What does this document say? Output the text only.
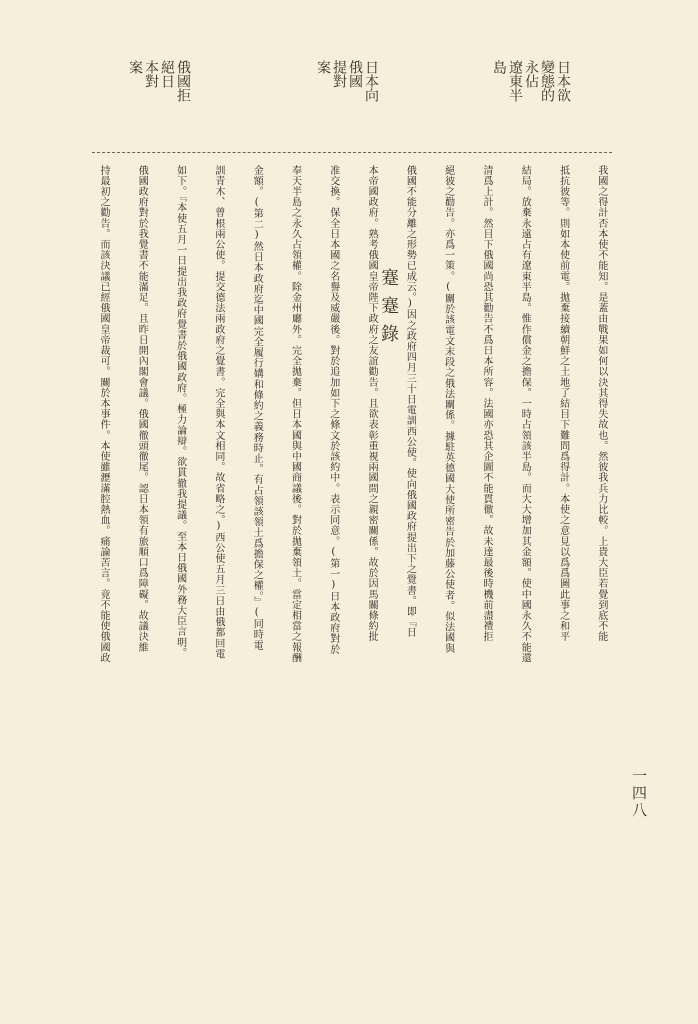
蹇蹇錄
一四八
日本欲
變態的
永佔
遼東半
島
日本向
俄國
提對
案
俄國拒
絕日
本對
案
我國之得計否本使不能知。是蓋由戰果如何以決其得失故也。然彼我兵力比較。上貴大臣若覺到底不能
抵抗彼等。則如本使前電。拋棄接續朝鮮之土地了結目下難問爲得計。本使之意見以爲爲圖此事之和平
結局。放棄永遠占有遼東半島。惟作償金之擔保。一時占領該半島。而大大增加其金額。使中國永久不能還
清爲上計。然目下俄國尚恐其勸告不爲日本所容。法國亦恐其企圖不能貫徹。故未達最後時機前盡禮拒
絕彼之勸告。亦爲一策。(關於該電文末段之俄法關係。據駐英德國大使所密告於加藤公使者。似法國與
俄國不能分離之形勢已成云。)因之政府四月三十日電訓西公使。使向俄國政府提出下之覺書。即『日
本帝國政府。熟考俄國皇帝陛下政府之友誼勸告。且欲表彰重視兩國間之親密關係。故於因馬關條約批
准交換。保全日本國之名譽及威嚴後。對於追加如下之條文於該約中。表示同意。(第一)日本政府對於
奉天半島之永久占領權。除金州廳外。完全拋棄。但日本國與中國商議後。對於拋棄領土。當定相當之報酬
金額。(第二)然日本政府迄中國完全履行媾和條約之義務時止。有占領該領土爲擔保之權。』(同時電
訓青木、曾根兩公使。提交德法兩政府之覺書。完全與本文相同。故省略之。)西公使五月三日由俄都回電
如下。『本使五月一日提出我政府覺書於俄國政府。極力論辯。欲貫徹我提議。至本日俄國外務大臣言明。
俄國政府對於我覺書不能滿足。且昨日開內閣會議。俄國徹頭徹尾。認日本領有旅順口爲障礙。故議決維
持最初之勸告。而該決議已經俄國皇帝裁可。關於本事件。本使雖瀝滿腔熱血。痛論苦言。竟不能使俄國政
